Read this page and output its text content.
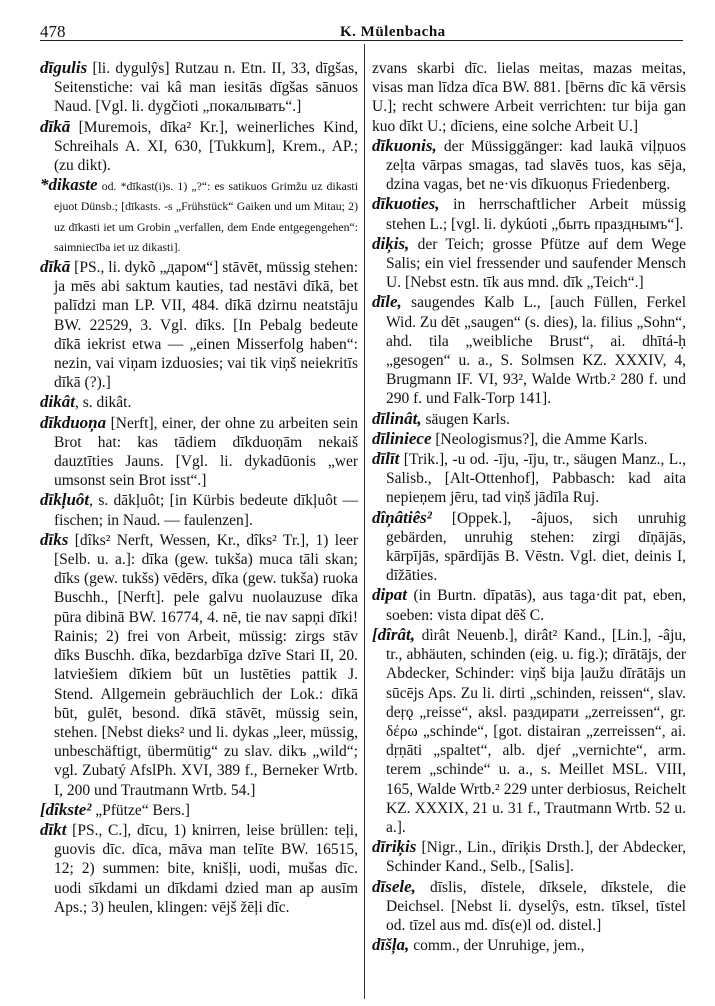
478	K. Mülenbacha

dīgulis [li. dygulŷs] Rutzau n. Etn. II, 33, dīgšas, Seitenstiche: vai kâ man iesitās dīgšas sānuos Naud. [Vgl. li. dygčioti „покалывать“.]

dīkā [Muremois, dīka² Kr.], weinerliches Kind, Schreihals A. XI, 630, [Tukkum], Krem., AP.; (zu dikt).

*dikaste od. *dīkast(i)s. 1) „?“: es satikuos Grimžu uz dikasti ejuot Dünsb.; [dīkasts. -s „Frühstück“ Gaiken und um Mitau; 2) uz dīkasti iet um Grobin „verfallen, dem Ende entgegengehen“: saimniecība iet uz dikasti].

dīkā [PS., li. dykõ „даром“] stāvēt, müssig stehen: ja mēs abi saktum kauties, tad nestāvi dīkā, bet palīdzi man LP. VII, 484. dīkā dzirnu neatstāju BW. 22529, 3. Vgl. dīks. [In Pebalg bedeute dīkā iekrist etwa — „einen Misserfolg haben“: nezin, vai viņam izduosies; vai tik viņš neiekritīs dīkā (?).]

dikât, s. dikât.

dīkduoņa [Nerft], einer, der ohne zu arbeiten sein Brot hat: kas tādiem dīkduoņām nekaiš dauztīties Jauns. [Vgl. li. dykadūonis „wer umsonst sein Brot isst“.]

dīkļuôt, s. dākļuôt; [in Kürbis bedeute dīkļuôt — fischen; in Naud. — faulenzen].

dīks [dîks² Nerft, Wessen, Kr., dîks² Tr.], 1) leer [Selb. u. a.]: dīka (gew. tukša) muca tāli skan; dīks (gew. tukšs) vēdērs, dīka (gew. tukša) ruoka Buschh., [Nerft]. pele galvu nuolauzuse dīka pūra dibinā BW. 16774, 4. nē, tie nav sapņi dīki! Rainis; 2) frei von Arbeit, müssig: zirgs stāv dīks Buschh. dīka, bezdarbīga dzīve Stari II, 20. latviešiem dīkiem būt un lustēties pattik J. Stend. Allgemein gebräuchlich der Lok.: dīkā būt, gulēt, besond. dīkā stāvēt, müssig sein, stehen. [Nebst dieks² und li. dykas „leer, müssig, unbeschäftigt, übermütig“ zu slav. dikъ „wild“; vgl. Zubatý AfslPh. XVI, 389 f., Berneker Wrtb. I, 200 und Trautmann Wrtb. 54.]

[dîkste² „Pfütze“ Bers.]

dīkt [PS., C.], dīcu, 1) knirren, leise brüllen: teļi, guovis dīc. dīca, māva man telīte BW. 16515, 12; 2) summen: bite, knišļi, uodi, mušas dīc. uodi sīkdami un dīkdami dzied man ap ausīm Aps.; 3) heulen, klingen: vējš žēļi dīc.

zvans skarbi dīc. lielas meitas, mazas meitas, visas man līdza dīca BW. 881. [bērns dīc kā vērsis U.]; recht schwere Arbeit verrichten: tur bija gan kuo dīkt U.; dīciens, eine solche Arbeit U.]

dīkuonis, der Müssiggänger: kad laukā viļņuos zeļta vārpas smagas, tad slavēs tuos, kas sēja, dzina vagas, bet ne·vis dīkuoņus Friedenberg.

dīkuoties, in herrschaftlicher Arbeit müssig stehen L.; [vgl. li. dykúoti „быть празднымъ“].

diķis, der Teich; grosse Pfütze auf dem Wege Salis; ein viel fressender und saufender Mensch U. [Nebst estn. tīk aus mnd. dīk „Teich“.]

dīle, saugendes Kalb L., [auch Füllen, Ferkel Wid. Zu dēt „saugen“ (s. dies), la. filius „Sohn“, ahd. tila „weibliche Brust“, ai. dhītá-ḥ „gesogen“ u. a., S. Solmsen KZ. XXXIV, 4, Brugmann IF. VI, 93², Walde Wrtb.² 280 f. und 290 f. und Falk-Torp 141].

dīlinât, säugen Karls.

dīliniece [Neologismus?], die Amme Karls.

dīlīt [Trik.], -u od. -īju, -īju, tr., säugen Manz., L., Salisb., [Alt-Ottenhof], Pabbasch: kad aita nepieņem jēru, tad viņš jādīla Ruj.

dîņâtiês² [Oppek.], -âjuos, sich unruhig gebärden, unruhig stehen: zirgi dīņājās, kārpījās, spārdījās B. Vēstn. Vgl. diet, deinis I, dīžāties.

dipat (in Burtn. dīpatās), aus taga·dit pat, eben, soeben: vista dipat dēš C.

[dîrât, dìrât Neuenb.], dirât² Kand., [Lin.], -âju, tr., abhäuten, schinden (eig. u. fig.); dīrātājs, der Abdecker, Schinder: viņš bija ļaužu dīrātājs un sūcējs Aps. Zu li. dirti „schinden, reissen“, slav. deŗǫ „reisse“, aksl. раздирати „zerreissen“, gr. δέρω „schinde“, [got. distairan „zerreissen“, ai. dṛṇāti „spaltet“, alb. djeŕ „vernichte“, arm. terem „schinde“ u. a., s. Meillet MSL. VIII, 165, Walde Wrtb.² 229 unter derbiosus, Reichelt KZ. XXXIX, 21 u. 31 f., Trautmann Wrtb. 52 u. a.].

dīriķis [Nigr., Lin., dīriķis Drsth.], der Abdecker, Schinder Kand., Selb., [Salis].

dīsele, dīslis, dīstele, dīksele, dīkstele, die Deichsel. [Nebst li. dyselŷs, estn. tīksel, tīstel od. tīzel aus md. dīs(e)l od. distel.]

dīšļa, comm., der Unruhige, jem.,
